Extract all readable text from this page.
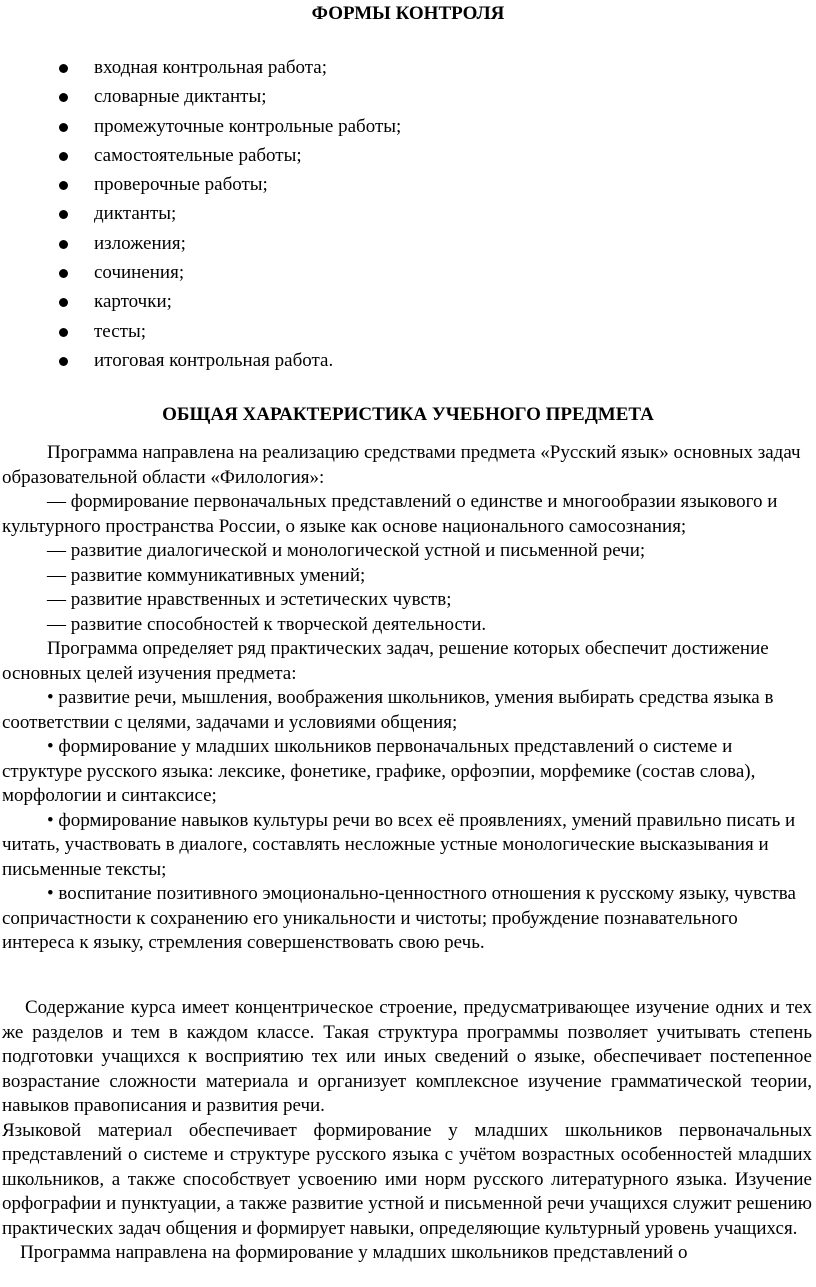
ФОРМЫ КОНТРОЛЯ
входная контрольная работа;
словарные диктанты;
промежуточные контрольные работы;
самостоятельные работы;
проверочные работы;
диктанты;
изложения;
сочинения;
карточки;
тесты;
итоговая контрольная работа.
ОБЩАЯ ХАРАКТЕРИСТИКА УЧЕБНОГО ПРЕДМЕТА

Программа направлена на реализацию средствами предмета «Русский язык» основных задач образовательной области «Филология»:

— формирование первоначальных представлений о единстве и многообразии языкового и культурного пространства России, о языке как основе национального самосознания;

— развитие диалогической и монологической устной и письменной речи;

— развитие коммуникативных умений;

— развитие нравственных и эстетических чувств;

— развитие способностей к творческой деятельности.

Программа определяет ряд практических задач, решение которых обеспечит достижение основных целей изучения предмета:

• развитие речи, мышления, воображения школьников, умения выбирать средства языка в соответствии с целями, задачами и условиями общения;

• формирование у младших школьников первоначальных представлений о системе и структуре русского языка: лексике, фонетике, графике, орфоэпии, морфемике (состав слова), морфологии и синтаксисе;

• формирование навыков культуры речи во всех её проявлениях, умений правильно писать и читать, участвовать в диалоге, составлять несложные устные монологические высказывания и письменные тексты;

• воспитание позитивного эмоционально-ценностного отношения к русскому языку, чувства сопричастности к сохранению его уникальности и чистоты; пробуждение познавательного интереса к языку, стремления совершенствовать свою речь.

Содержание курса имеет концентрическое строение, предусматривающее изучение одних и тех же разделов и тем в каждом классе. Такая структура программы позволяет учитывать степень подготовки учащихся к восприятию тех или иных сведений о языке, обеспечивает постепенное возрастание сложности материала и организует комплексное изучение грамматической теории, навыков правописания и развития речи.

Языковой материал обеспечивает формирование у младших школьников первоначальных представлений о системе и структуре русского языка с учётом возрастных особенностей младших школьников, а также способствует усвоению ими норм русского литературного языка. Изучение орфографии и пунктуации, а также развитие устной и письменной речи учащихся служит решению практических задач общения и формирует навыки, определяющие культурный уровень учащихся.

Программа направлена на формирование у младших школьников представлений о
